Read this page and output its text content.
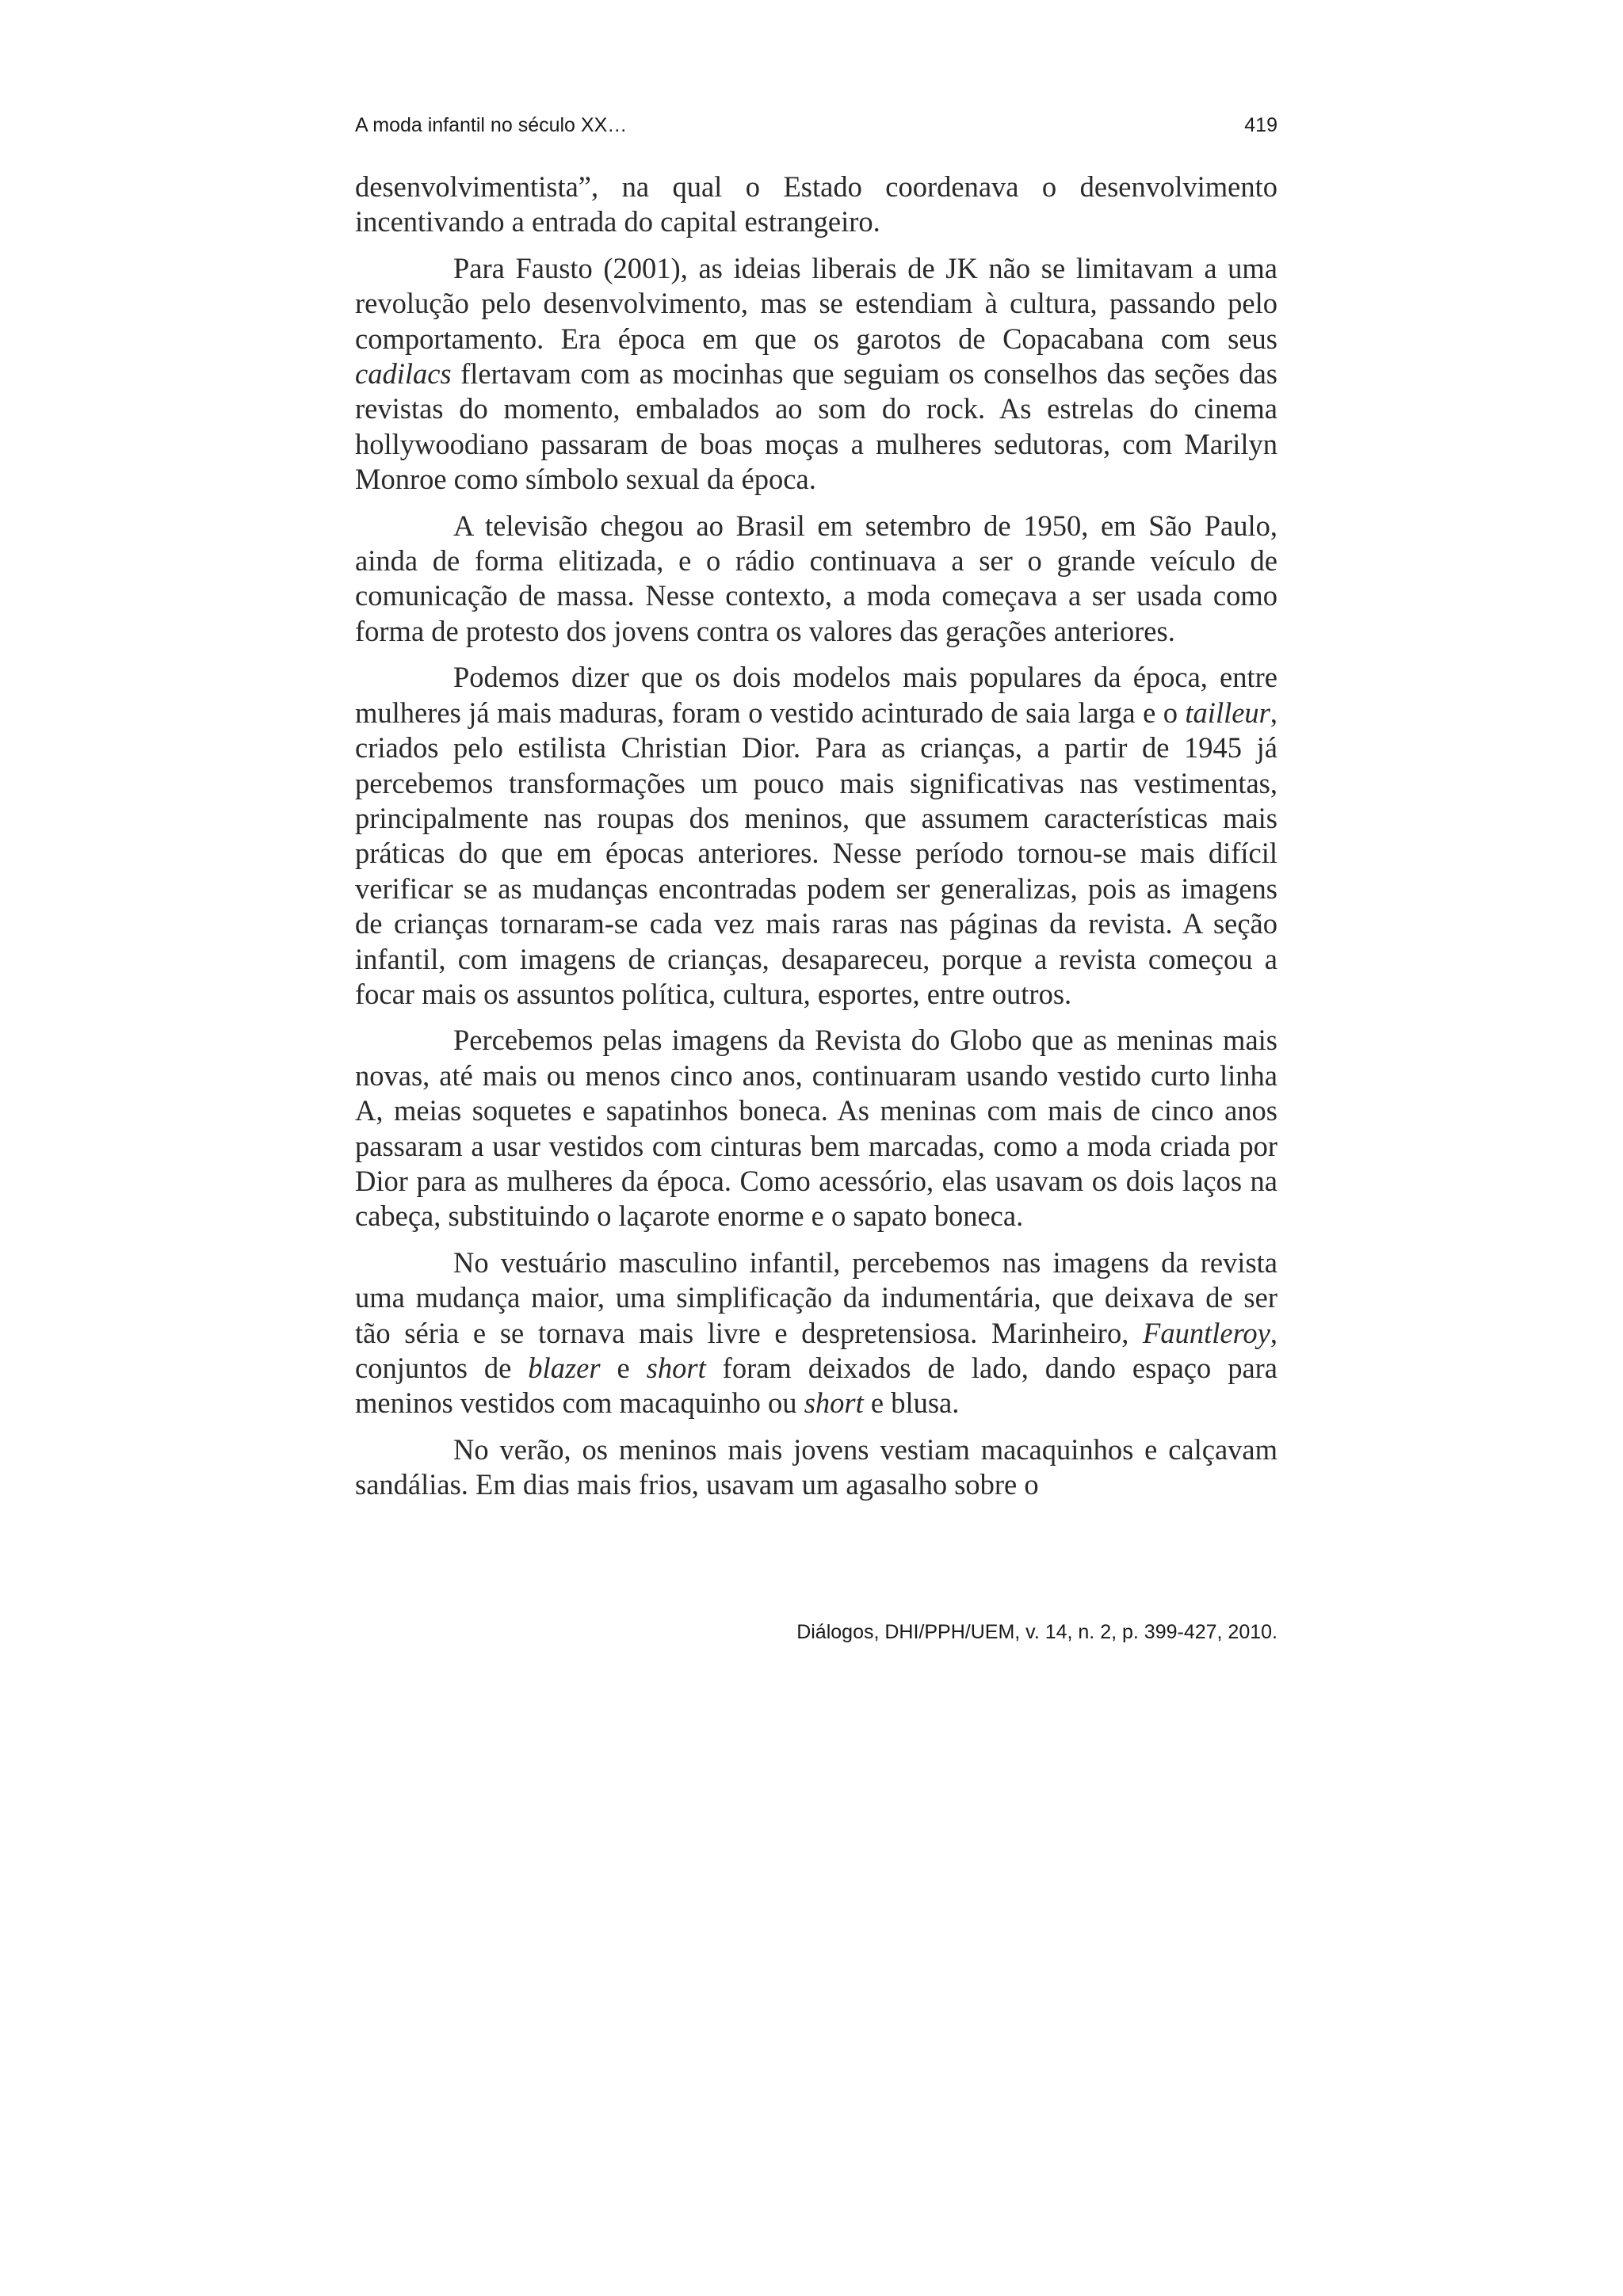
A moda infantil no século XX…	419

desenvolvimentista”, na qual o Estado coordenava o desenvolvimento incentivando a entrada do capital estrangeiro.

Para Fausto (2001), as ideias liberais de JK não se limitavam a uma revolução pelo desenvolvimento, mas se estendiam à cultura, passando pelo comportamento. Era época em que os garotos de Copacabana com seus cadilacs flertavam com as mocinhas que seguiam os conselhos das seções das revistas do momento, embalados ao som do rock. As estrelas do cinema hollywoodiano passaram de boas moças a mulheres sedutoras, com Marilyn Monroe como símbolo sexual da época.

A televisão chegou ao Brasil em setembro de 1950, em São Paulo, ainda de forma elitizada, e o rádio continuava a ser o grande veículo de comunicação de massa. Nesse contexto, a moda começava a ser usada como forma de protesto dos jovens contra os valores das gerações anteriores.

Podemos dizer que os dois modelos mais populares da época, entre mulheres já mais maduras, foram o vestido acinturado de saia larga e o tailleur, criados pelo estilista Christian Dior. Para as crianças, a partir de 1945 já percebemos transformações um pouco mais significativas nas vestimentas, principalmente nas roupas dos meninos, que assumem características mais práticas do que em épocas anteriores. Nesse período tornou-se mais difícil verificar se as mudanças encontradas podem ser generalizas, pois as imagens de crianças tornaram-se cada vez mais raras nas páginas da revista. A seção infantil, com imagens de crianças, desapareceu, porque a revista começou a focar mais os assuntos política, cultura, esportes, entre outros.

Percebemos pelas imagens da Revista do Globo que as meninas mais novas, até mais ou menos cinco anos, continuaram usando vestido curto linha A, meias soquetes e sapatinhos boneca. As meninas com mais de cinco anos passaram a usar vestidos com cinturas bem marcadas, como a moda criada por Dior para as mulheres da época. Como acessório, elas usavam os dois laços na cabeça, substituindo o laçarote enorme e o sapato boneca.

No vestuário masculino infantil, percebemos nas imagens da revista uma mudança maior, uma simplificação da indumentária, que deixava de ser tão séria e se tornava mais livre e despretensiosa. Marinheiro, Fauntleroy, conjuntos de blazer e short foram deixados de lado, dando espaço para meninos vestidos com macaquinho ou short e blusa.

No verão, os meninos mais jovens vestiam macaquinhos e calçavam sandálias. Em dias mais frios, usavam um agasalho sobre o

Diálogos, DHI/PPH/UEM, v. 14, n. 2, p. 399-427, 2010.
